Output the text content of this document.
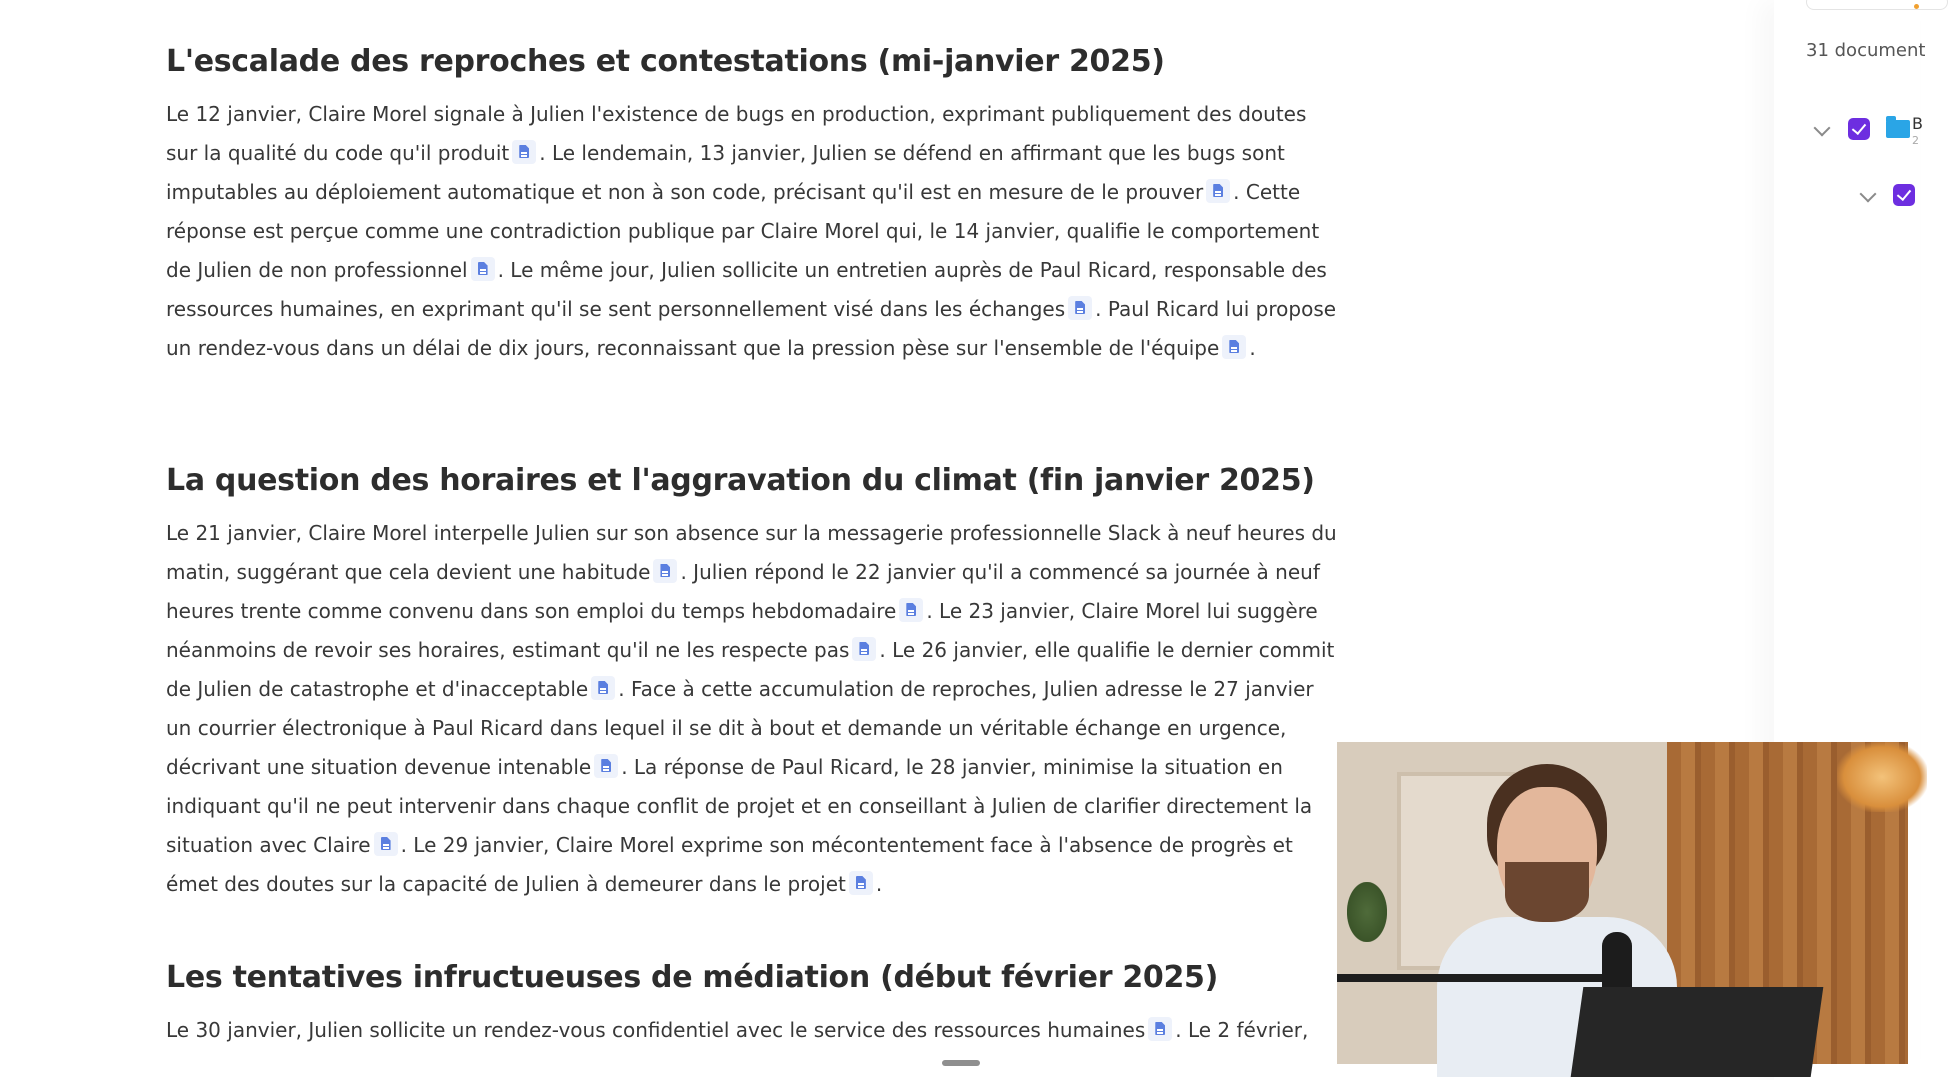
L'escalade des reproches et contestations (mi-janvier 2025)

Le 12 janvier, Claire Morel signale à Julien l'existence de bugs en production, exprimant publiquement des doutes sur la qualité du code qu'il produit . Le lendemain, 13 janvier, Julien se défend en affirmant que les bugs sont imputables au déploiement automatique et non à son code, précisant qu'il est en mesure de le prouver . Cette réponse est perçue comme une contradiction publique par Claire Morel qui, le 14 janvier, qualifie le comportement de Julien de non professionnel . Le même jour, Julien sollicite un entretien auprès de Paul Ricard, responsable des ressources humaines, en exprimant qu'il se sent personnellement visé dans les échanges . Paul Ricard lui propose un rendez-vous dans un délai de dix jours, reconnaissant que la pression pèse sur l'ensemble de l'équipe .

La question des horaires et l'aggravation du climat (fin janvier 2025)

Le 21 janvier, Claire Morel interpelle Julien sur son absence sur la messagerie professionnelle Slack à neuf heures du matin, suggérant que cela devient une habitude . Julien répond le 22 janvier qu'il a commencé sa journée à neuf heures trente comme convenu dans son emploi du temps hebdomadaire . Le 23 janvier, Claire Morel lui suggère néanmoins de revoir ses horaires, estimant qu'il ne les respecte pas . Le 26 janvier, elle qualifie le dernier commit de Julien de catastrophe et d'inacceptable . Face à cette accumulation de reproches, Julien adresse le 27 janvier un courrier électronique à Paul Ricard dans lequel il se dit à bout et demande un véritable échange en urgence, décrivant une situation devenue intenable . La réponse de Paul Ricard, le 28 janvier, minimise la situation en indiquant qu'il ne peut intervenir dans chaque conflit de projet et en conseillant à Julien de clarifier directement la situation avec Claire . Le 29 janvier, Claire Morel exprime son mécontentement face à l'absence de progrès et émet des doutes sur la capacité de Julien à demeurer dans le projet .

Les tentatives infructueuses de médiation (début février 2025)

Le 30 janvier, Julien sollicite un rendez-vous confidentiel avec le service des ressources humaines . Le 2 février,

31 document
B
2
